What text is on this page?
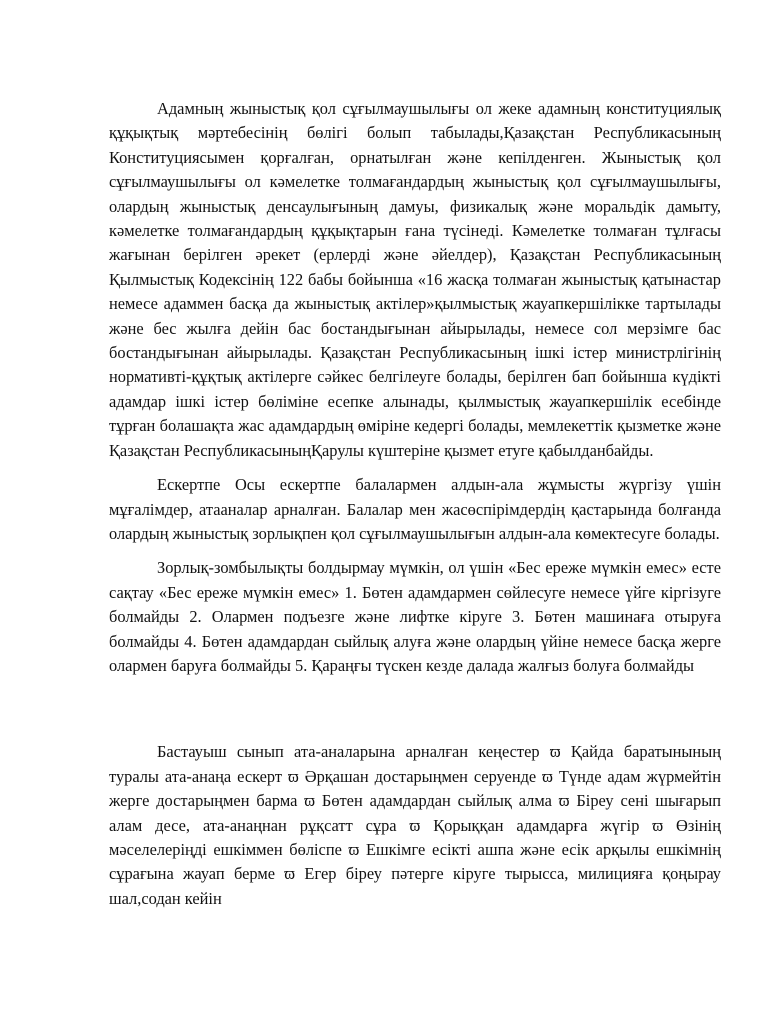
Адамның жыныстық қол сұғылмаушылығы ол жеке адамның конституциялық құқықтық мәртебесінің бөлігі болып табылады,Қазақстан Республикасының Конституциясымен қорғалған, орнатылған және кепілденген. Жыныстық қол сұғылмаушылығы ол кәмелетке толмағандардың жыныстық қол сұғылмаушылығы, олардың жыныстық денсаулығының дамуы, физикалық және моральдік дамыту, кәмелетке толмағандардың құқықтарын ғана түсінеді. Кәмелетке толмаған тұлғасы жағынан берілген әрекет (ерлерді және әйелдер), Қазақстан Республикасының Қылмыстық Кодексінің 122 бабы бойынша «16 жасқа толмаған жыныстық қатынастар немесе адаммен басқа да жыныстық актілер»қылмыстық жауапкершілікке тартылады және бес жылға дейін бас бостандығынан айырылады, немесе сол мерзімге бас бостандығынан айырылады. Қазақстан Республикасының ішкі істер министрлігінің нормативті-құқтық актілерге сәйкес белгілеуге болады, берілген бап бойынша күдікті адамдар ішкі істер бөліміне есепке алынады, қылмыстық жауапкершілік есебінде тұрған болашақта жас адамдардың өміріне кедергі болады, мемлекеттік қызметке және Қазақстан РеспубликасыныңҚарулы күштеріне қызмет етуге қабылданбайды.

Ескертпе Осы ескертпе балалармен алдын-ала жұмысты жүргізу үшін мұғалімдер, атааналар арналған. Балалар мен жасөспірімдердің қастарында болғанда олардың жыныстық зорлықпен қол сұғылмаушылығын алдын-ала көмектесуге болады.

Зорлық-зомбылықты болдырмау мүмкін, ол үшін «Бес ереже мүмкін емес» есте сақтау «Бес ереже мүмкін емес» 1. Бөтен адамдармен сөйлесуге немесе үйге кіргізуге болмайды 2. Олармен подъезге және лифтке кіруге 3. Бөтен машинаға отыруға болмайды 4. Бөтен адамдардан сыйлық алуға және олардың үйіне немесе басқа жерге олармен баруға болмайды 5. Қараңғы түскен кезде далада жалғыз болуға болмайды

Бастауыш сынып ата-аналарына арналған кеңестер ϖ Қайда баратынының туралы ата-анаңа ескерт ϖ Әрқашан достарыңмен серуенде ϖ Түнде адам жүрмейтін жерге достарыңмен барма ϖ Бөтен адамдардан сыйлық алма ϖ Біреу сені шығарып алам десе, ата-анаңнан рұқсатт сұра ϖ Қорыққан адамдарға жүгір ϖ Өзінің мәселелеріңді ешкіммен бөліспе ϖ Ешкімге есікті ашпа және есік арқылы ешкімнің сұрағына жауап берме ϖ Егер біреу пәтерге кіруге тырысса, милицияға қоңырау шал,содан кейін
